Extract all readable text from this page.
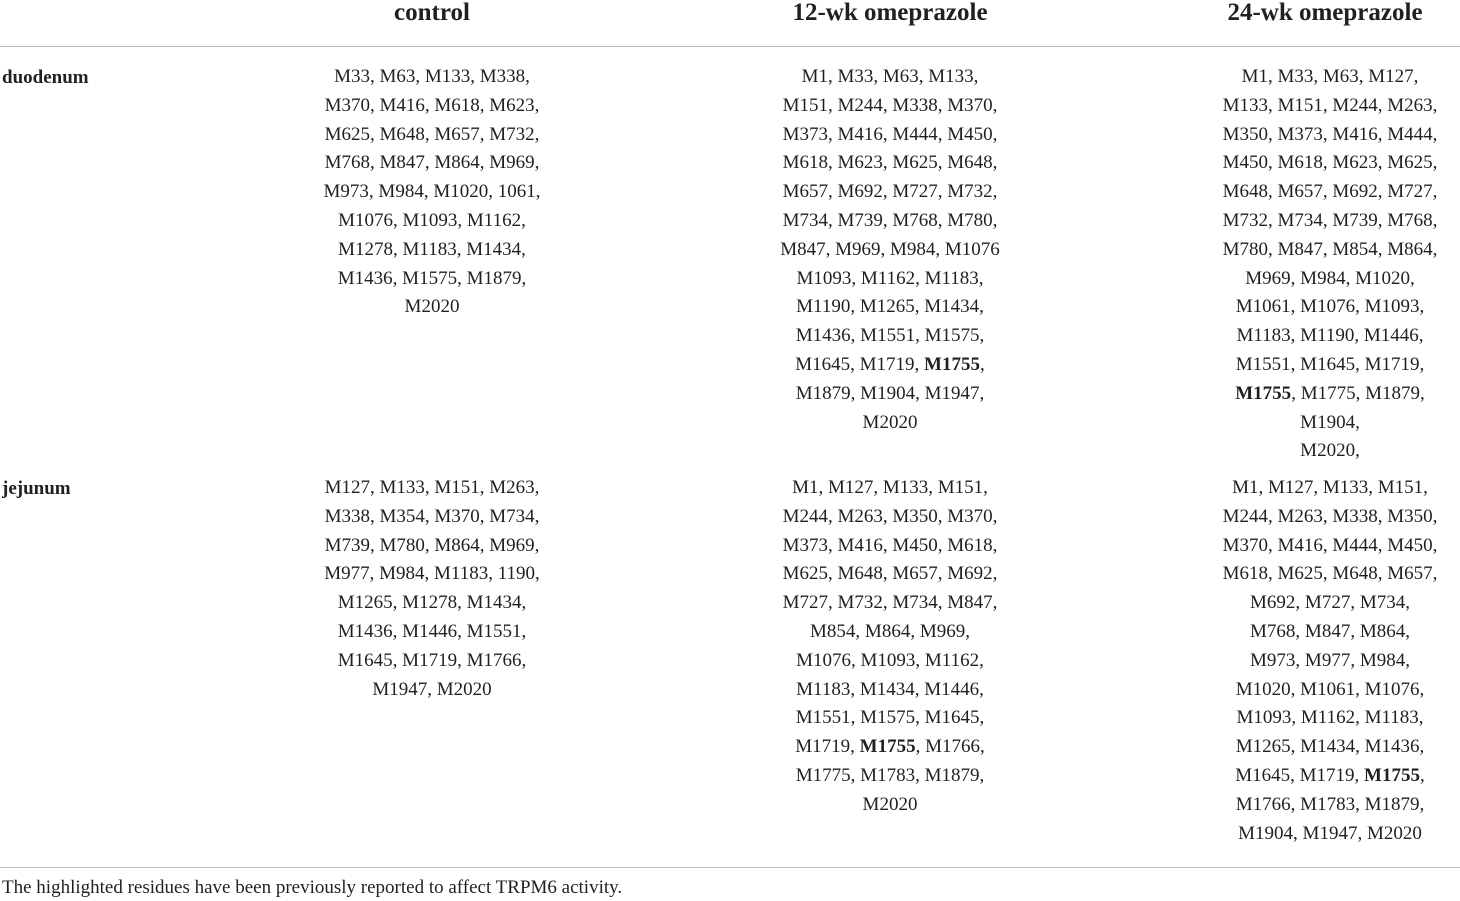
control	12-wk omeprazole	24-wk omeprazole
duodenum
jejunum
M33, M63, M133, M338,
M370, M416, M618, M623,
M625, M648, M657, M732,
M768, M847, M864, M969,
M973, M984, M1020, 1061,
M1076, M1093, M1162,
M1278, M1183, M1434,
M1436, M1575, M1879,
M2020
M1, M33, M63, M133,
M151, M244, M338, M370,
M373, M416, M444, M450,
M618, M623, M625, M648,
M657, M692, M727, M732,
M734, M739, M768, M780,
M847, M969, M984, M1076
M1093, M1162, M1183,
M1190, M1265, M1434,
M1436, M1551, M1575,
M1645, M1719, M1755,
M1879, M1904, M1947,
M2020
M1, M33, M63, M127,
M133, M151, M244, M263,
M350, M373, M416, M444,
M450, M618, M623, M625,
M648, M657, M692, M727,
M732, M734, M739, M768,
M780, M847, M854, M864,
M969, M984, M1020,
M1061, M1076, M1093,
M1183, M1190, M1446,
M1551, M1645, M1719,
M1755, M1775, M1879,
M1904,
M2020,
M127, M133, M151, M263,
M338, M354, M370, M734,
M739, M780, M864, M969,
M977, M984, M1183, 1190,
M1265, M1278, M1434,
M1436, M1446, M1551,
M1645, M1719, M1766,
M1947, M2020
M1, M127, M133, M151,
M244, M263, M350, M370,
M373, M416, M450, M618,
M625, M648, M657, M692,
M727, M732, M734, M847,
M854, M864, M969,
M1076, M1093, M1162,
M1183, M1434, M1446,
M1551, M1575, M1645,
M1719, M1755, M1766,
M1775, M1783, M1879,
M2020
M1, M127, M133, M151,
M244, M263, M338, M350,
M370, M416, M444, M450,
M618, M625, M648, M657,
M692, M727, M734,
M768, M847, M864,
M973, M977, M984,
M1020, M1061, M1076,
M1093, M1162, M1183,
M1265, M1434, M1436,
M1645, M1719, M1755,
M1766, M1783, M1879,
M1904, M1947, M2020
The highlighted residues have been previously reported to affect TRPM6 activity.
